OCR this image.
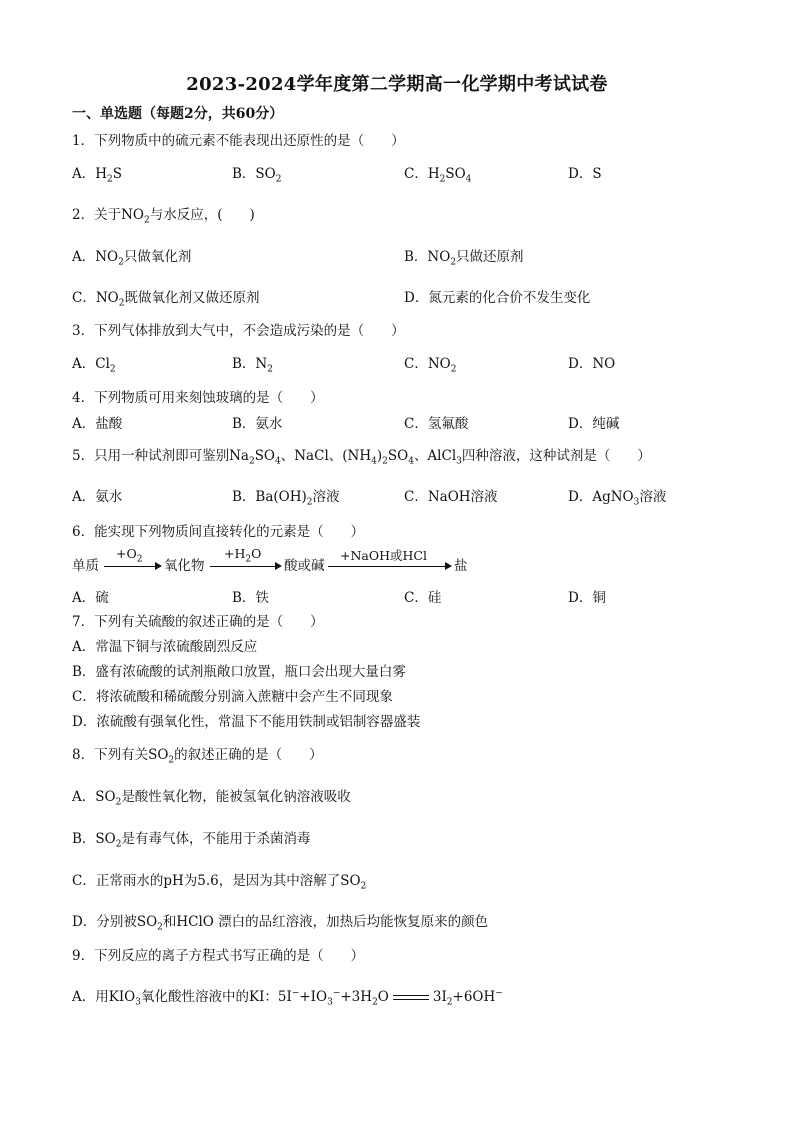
2023-2024学年度第二学期高一化学期中考试试卷
一、单选题（每题2分，共60分）
1．下列物质中的硫元素不能表现出还原性的是（　　）
A．$H_2S$	B．$SO_2$	C．$H_2SO_4$	D．S
2．关于$NO_2$与水反应，(　　)
A．$NO_2$只做氧化剂	B．$NO_2$只做还原剂
C．$NO_2$既做氧化剂又做还原剂	D．氮元素的化合价不发生变化
3．下列气体排放到大气中，不会造成污染的是（　　）
A．$Cl_2$	B．$N_2$	C．$NO_2$	D．NO
4．下列物质可用来刻蚀玻璃的是（　　）
A．盐酸	B．氨水	C．氢氟酸	D．纯碱
5．只用一种试剂即可鉴别$Na_2SO_4$、NaCl、$(NH_4)_2SO_4$、AlCl$_3$四种溶液，这种试剂是（　　）
A．氨水	B．$Ba(OH)_2$溶液	C．NaOH溶液	D．AgNO$_3$溶液
6．能实现下列物质间直接转化的元素是（　　）
单质
$+O_2$ 氧化物
$+H_2O$
酸或碱
+NaOH或HCl
盐
A．硫	B．铁	C．硅	D．铜
7．下列有关硫酸的叙述正确的是（　　）
A．常温下铜与浓硫酸剧烈反应
B．盛有浓硫酸的试剂瓶敞口放置，瓶口会出现大量白雾
C．将浓硫酸和稀硫酸分别滴入蔗糖中会产生不同现象
D．浓硫酸有强氧化性，常温下不能用铁制或铝制容器盛装
8．下列有关$SO_2$的叙述正确的是（　　）
A．$SO_2$是酸性氧化物，能被氢氧化钠溶液吸收
B．$SO_2$是有毒气体，不能用于杀菌消毒
C．正常雨水的pH为5.6，是因为其中溶解了$SO_2$
D．分别被$SO_2$和HClO 漂白的品红溶液，加热后均能恢复原来的颜色
9．下列反应的离子方程式书写正确的是（　　）
A．用$KIO_3$氧化酸性溶液中的KI：$5I^-+IO_3^-+3H_2O$	$3I_2+6OH^-$
